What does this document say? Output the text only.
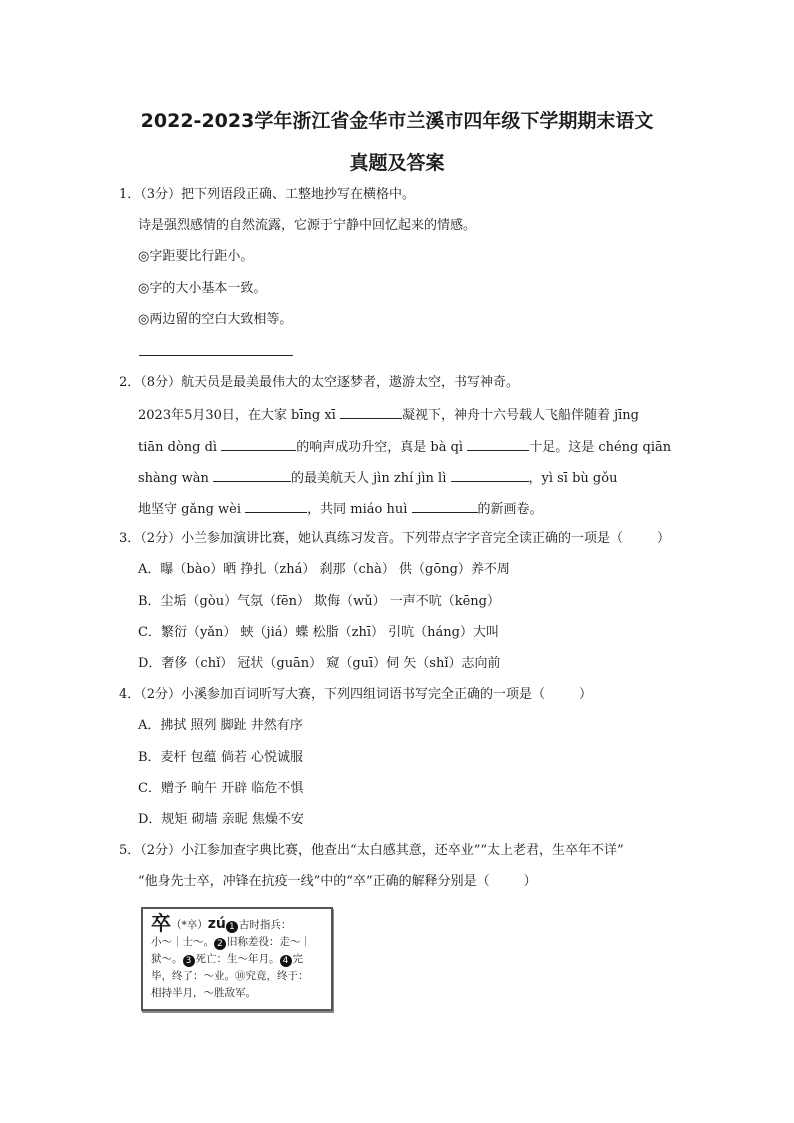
2022-2023学年浙江省金华市兰溪市四年级下学期期末语文
真题及答案
1．（3分）把下列语段正确、工整地抄写在横格中。
诗是强烈感情的自然流露，它源于宁静中回忆起来的情感。
◎字距要比行距小。
◎字的大小基本一致。
◎两边留的空白大致相等。
2．（8分）航天员是最美最伟大的太空逐梦者，遨游太空，书写神奇。
2023年5月30日，在大家 bīng xī	凝视下，神舟十六号载人飞船伴随着 jīng
tiān dòng dì	的响声成功升空，真是 bà qì	十足。这是 chéng qiān
shàng wàn	的最美航天人 jìn zhí jìn lì	，yì sī bù gǒu
地坚守 gǎng wèi	，共同 miáo huì	的新画卷。
3．（2分）小兰参加演讲比赛，她认真练习发音。下列带点字字音完全读正确的一项是（	）
A．曝（bào）晒 挣扎（zhá） 刹那（chà） 供（gōng）养不周
B．尘垢（gòu）气氛（fēn） 欺侮（wǔ） 一声不吭（kēng）
C．繁衍（yǎn） 蛱（jiá）蝶 松脂（zhī） 引吭（háng）大叫
D．奢侈（chǐ） 冠状（guān） 窥（guī）伺 矢（shǐ）志向前
4．（2分）小溪参加百词听写大赛，下列四组词语书写完全正确的一项是（	）
A．拂拭 照列 脚趾 井然有序
B．麦杆 包蕴 倘若 心悦诚服
C．赠予 晌午 开辟 临危不惧
D．规矩 砌墙 亲昵 焦燥不安
5．（2分）小江参加查字典比赛，他查出“太白感其意，还卒业”“太上老君，生卒年不详”
“他身先士卒，冲锋在抗疫一线”中的“卒”正确的解释分别是（	）
卒（*卒）zú 1 古时指兵：
小～｜士～。 2 旧称差役：走～｜
狱～。 3 死亡：生～年月。 4 完
毕，终了：～业。⑩究竟，终于：
相持半月，～胜敌军。
